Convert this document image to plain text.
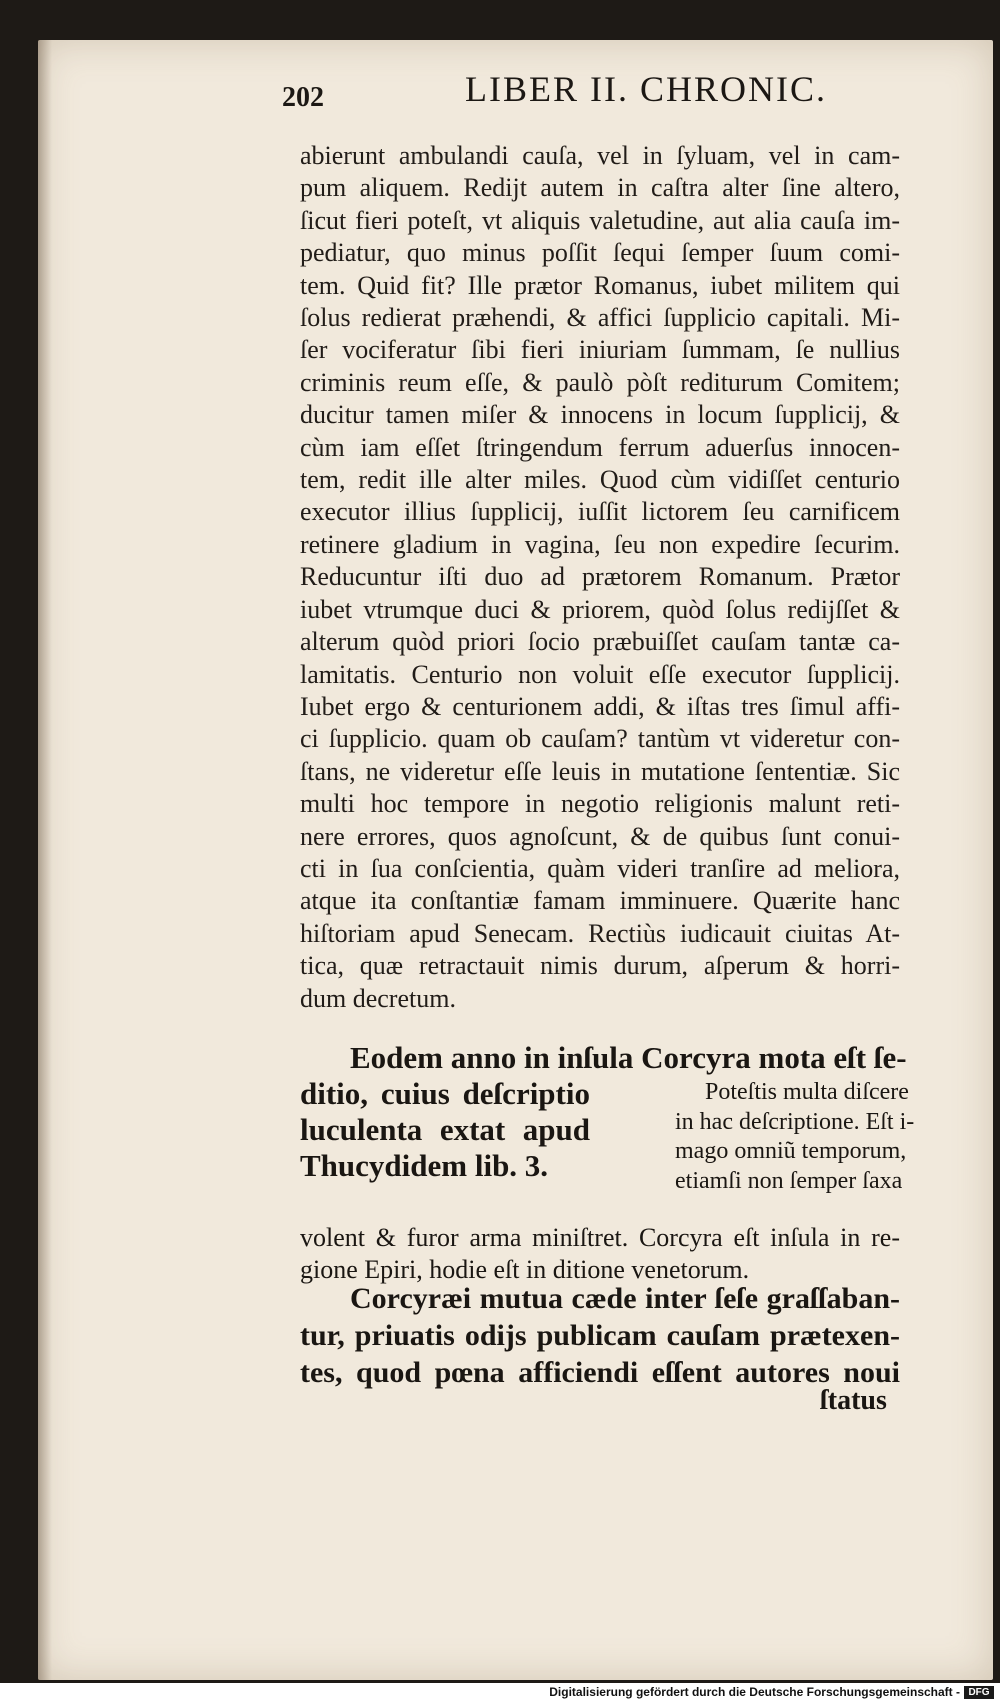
202	LIBER II. CHRONIC.
abierunt ambulandi cauſa, vel in ſyluam, vel in cam-
pum aliquem. Redijt autem in caſtra alter ſine altero,
ſicut fieri poteſt, vt aliquis valetudine, aut alia cauſa im-
pediatur, quo minus poſſit ſequi ſemper ſuum comi-
tem. Quid fit? Ille prætor Romanus, iubet militem qui
ſolus redierat præhendi, & affici ſupplicio capitali. Mi-
ſer vociferatur ſibi fieri iniuriam ſummam, ſe nullius
criminis reum eſſe, & paulò pòſt rediturum Comitem;
ducitur tamen miſer & innocens in locum ſupplicij, &
cùm iam eſſet ſtringendum ferrum aduerſus innocen-
tem, redit ille alter miles. Quod cùm vidiſſet centurio
executor illius ſupplicij, iuſſit lictorem ſeu carnificem
retinere gladium in vagina, ſeu non expedire ſecurim.
Reducuntur iſti duo ad prætorem Romanum. Prætor
iubet vtrumque duci & priorem, quòd ſolus redijſſet &
alterum quòd priori ſocio præbuiſſet cauſam tantæ ca-
lamitatis. Centurio non voluit eſſe executor ſupplicij.
Iubet ergo & centurionem addi, & iſtas tres ſimul affi-
ci ſupplicio. quam ob cauſam? tantùm vt videretur con-
ſtans, ne videretur eſſe leuis in mutatione ſententiæ. Sic
multi hoc tempore in negotio religionis malunt reti-
nere errores, quos agnoſcunt, & de quibus ſunt conui-
cti in ſua conſcientia, quàm videri tranſire ad meliora,
atque ita conſtantiæ famam imminuere. Quærite hanc
hiſtoriam apud Senecam. Rectiùs iudicauit ciuitas At-
tica, quæ retractauit nimis durum, aſperum & horri-
dum decretum.
Eodem anno in inſula Corcyra mota eſt ſe-
ditio, cuius deſcriptio
luculenta extat apud
Thucydidem lib. 3.
Poteſtis multa diſcere
in hac deſcriptione. Eſt i-
mago omniũ temporum,
etiamſi non ſemper ſaxa
volent & furor arma miniſtret. Corcyra eſt inſula in re-
gione Epiri, hodie eſt in ditione venetorum.
Corcyræi mutua cæde inter ſeſe graſſaban-
tur, priuatis odijs publicam cauſam prætexen-
tes, quod pœna afficiendi eſſent autores noui
ſtatus
Digitalisierung gefördert durch die Deutsche Forschungsgemeinschaft - DFG
